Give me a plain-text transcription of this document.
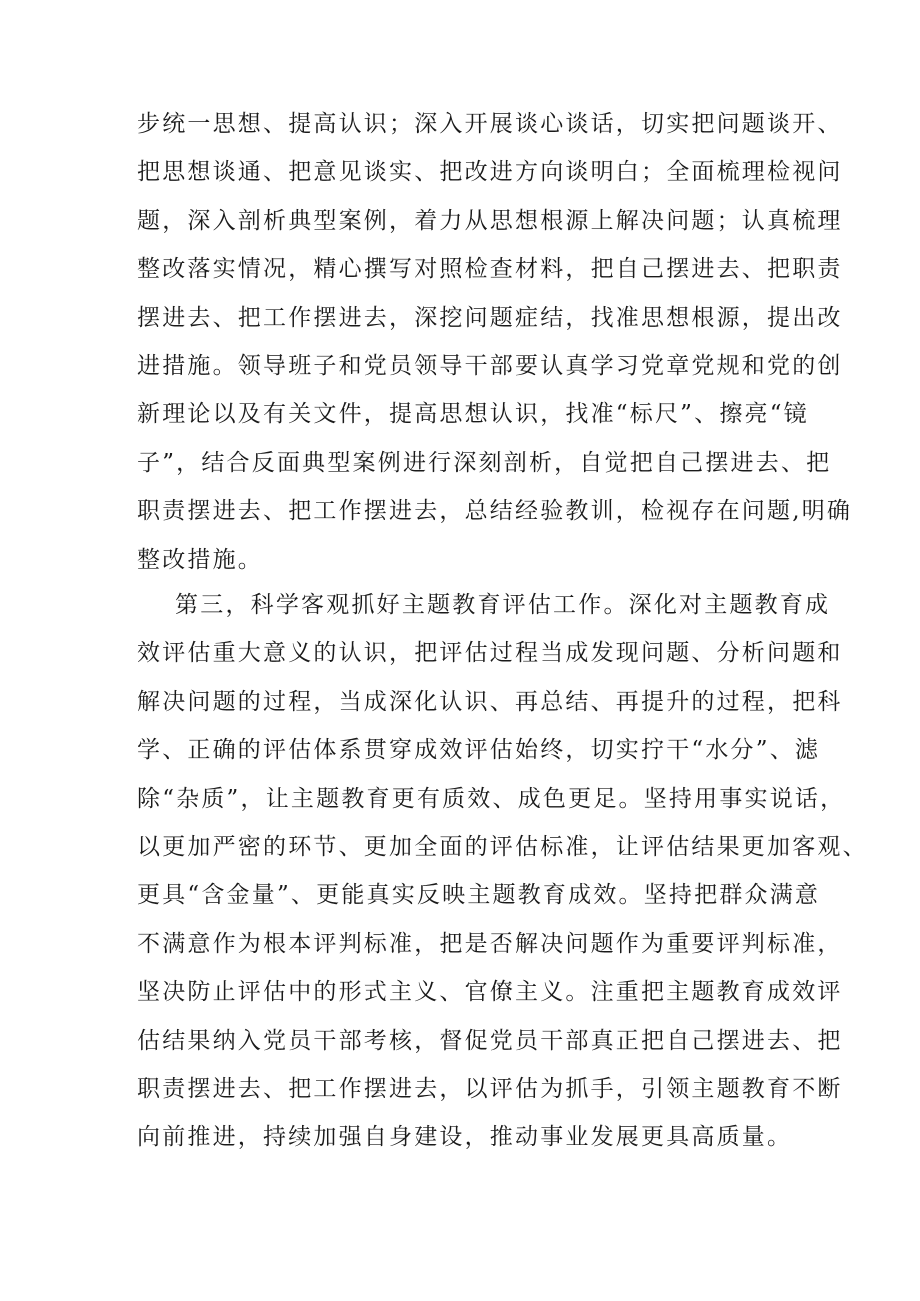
步统一思想、提高认识；深入开展谈心谈话，切实把问题谈开、
把思想谈通、把意见谈实、把改进方向谈明白；全面梳理检视问
题，深入剖析典型案例，着力从思想根源上解决问题；认真梳理
整改落实情况，精心撰写对照检查材料，把自己摆进去、把职责
摆进去、把工作摆进去，深挖问题症结，找准思想根源，提出改
进措施。领导班子和党员领导干部要认真学习党章党规和党的创
新理论以及有关文件，提高思想认识，找准“标尺”、擦亮“镜
子”，结合反面典型案例进行深刻剖析，自觉把自己摆进去、把
职责摆进去、把工作摆进去，总结经验教训，检视存在问题,明确
整改措施。
第三，科学客观抓好主题教育评估工作。深化对主题教育成
效评估重大意义的认识，把评估过程当成发现问题、分析问题和
解决问题的过程，当成深化认识、再总结、再提升的过程，把科
学、正确的评估体系贯穿成效评估始终，切实拧干“水分”、滤
除“杂质”，让主题教育更有质效、成色更足。坚持用事实说话，
以更加严密的环节、更加全面的评估标准，让评估结果更加客观、
更具“含金量”、更能真实反映主题教育成效。坚持把群众满意
不满意作为根本评判标准，把是否解决问题作为重要评判标准，
坚决防止评估中的形式主义、官僚主义。注重把主题教育成效评
估结果纳入党员干部考核，督促党员干部真正把自己摆进去、把
职责摆进去、把工作摆进去，以评估为抓手，引领主题教育不断
向前推进，持续加强自身建设，推动事业发展更具高质量。
